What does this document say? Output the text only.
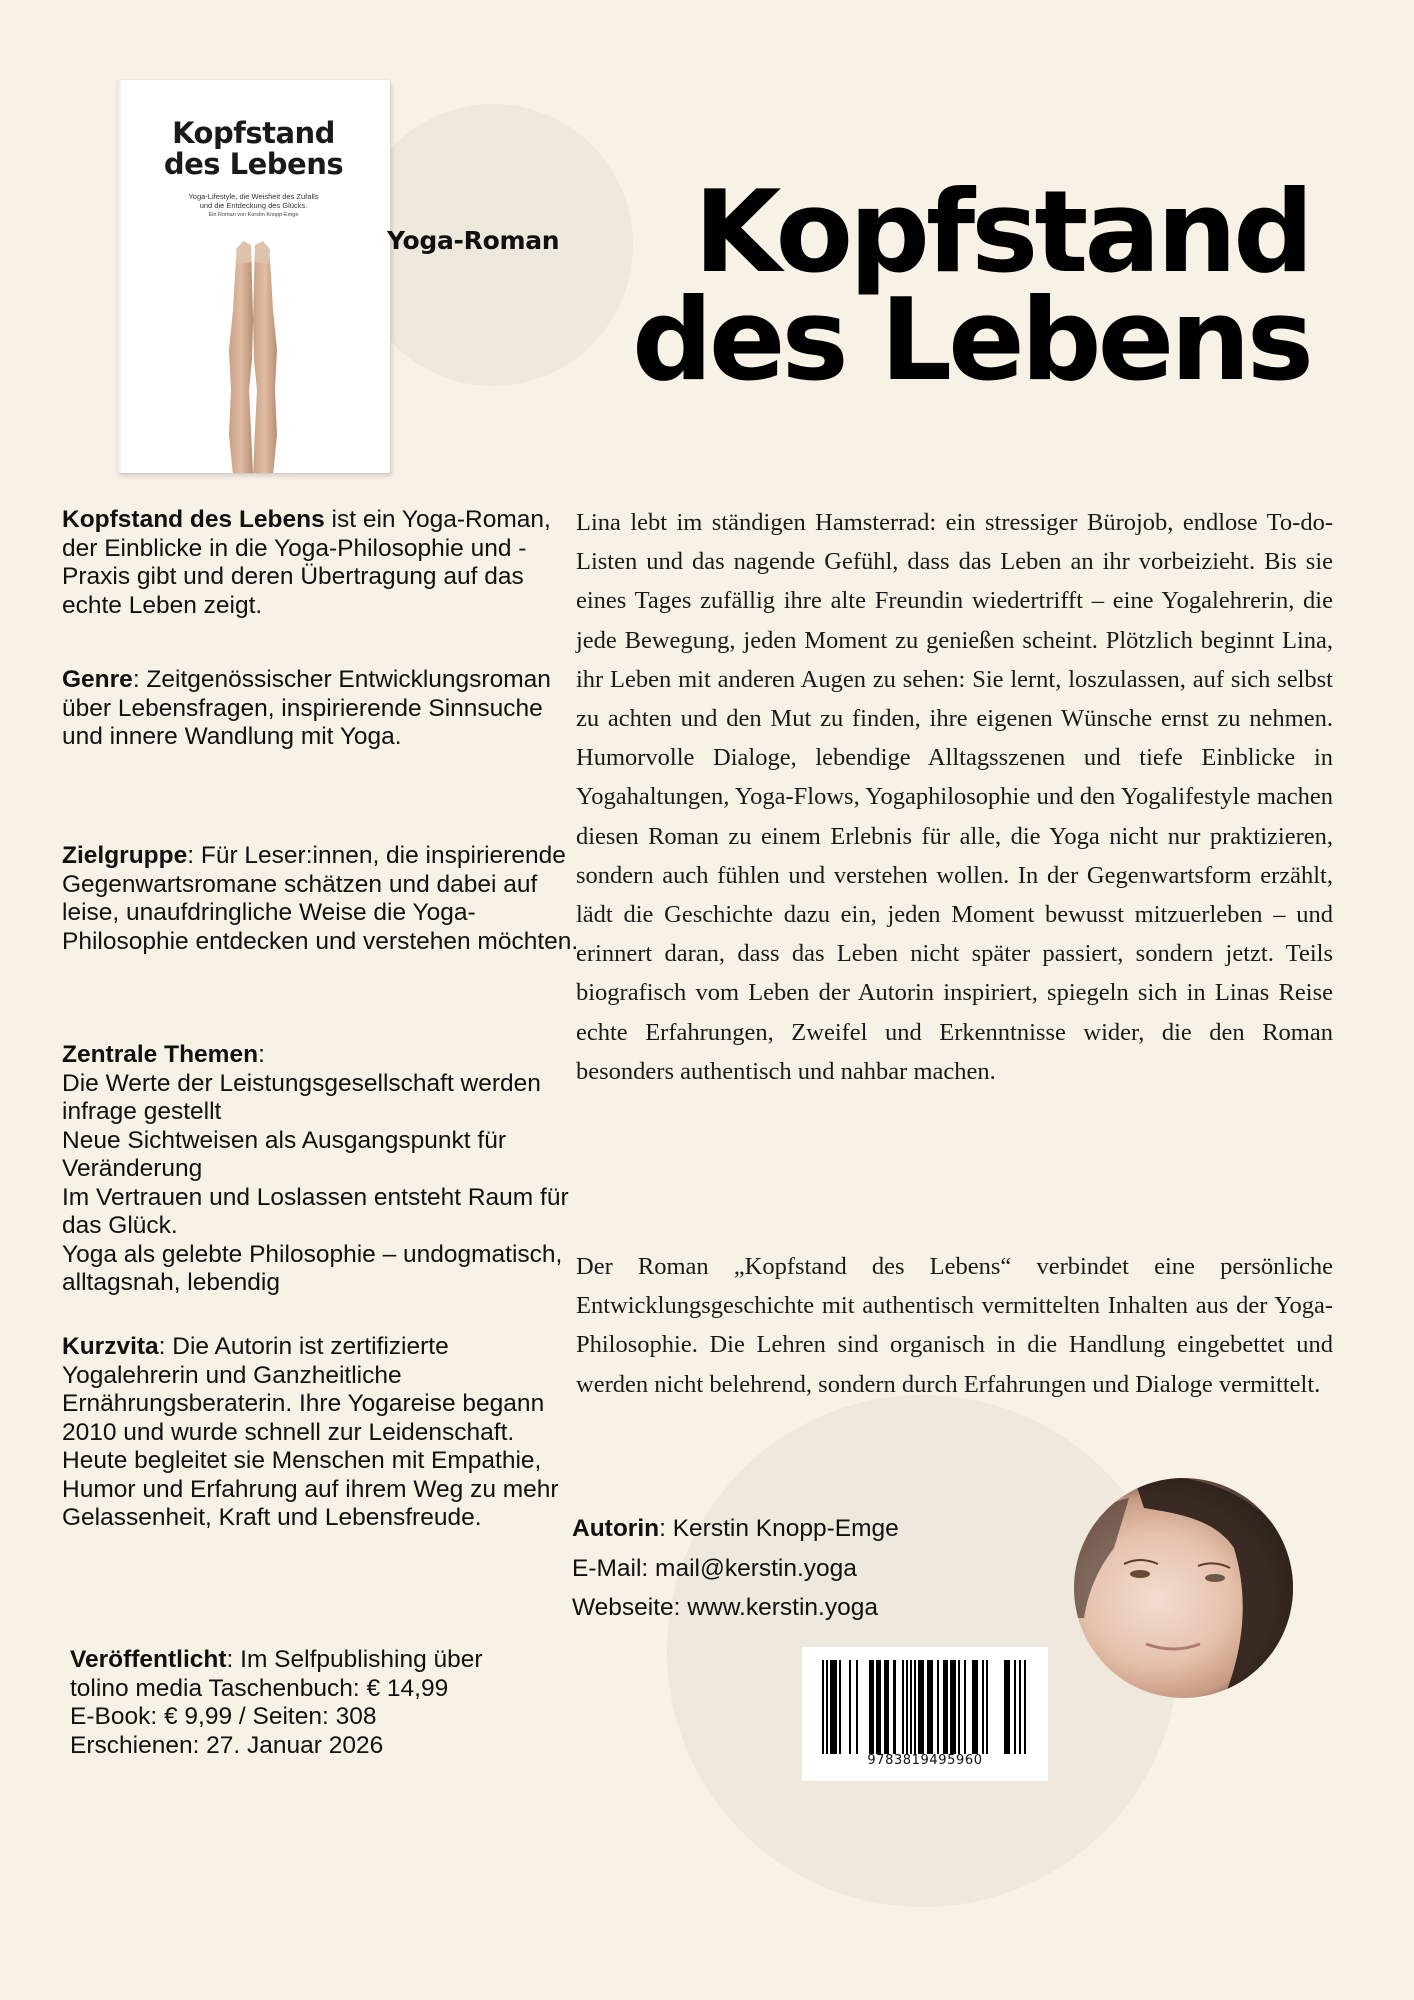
Kopfstand
des Lebens
Yoga-Lifestyle, die Weisheit des Zufalls
und die Entdeckung des Glücks.
Ein Roman von Kerstin Knopp-Emge
Yoga-Roman	Kopfstand
des Lebens

Kopfstand des Lebens ist ein Yoga-Roman, der Einblicke in die Yoga-Philosophie und -Praxis gibt und deren Übertragung auf das echte Leben zeigt.

Genre: Zeitgenössischer Entwicklungsroman über Lebensfragen, inspirierende Sinnsuche und innere Wandlung mit Yoga.

Zielgruppe: Für Leser:innen, die inspirierende Gegenwartsromane schätzen und dabei auf leise, unaufdringliche Weise die Yoga-Philosophie entdecken und verstehen möchten.

Zentrale Themen:

Die Werte der Leistungsgesellschaft werden infrage gestellt

Neue Sichtweisen als Ausgangspunkt für Veränderung

Im Vertrauen und Loslassen entsteht Raum für das Glück.

Yoga als gelebte Philosophie – undogmatisch, alltagsnah, lebendig

Kurzvita: Die Autorin ist zertifizierte Yogalehrerin und Ganzheitliche Ernährungsberaterin. Ihre Yogareise begann 2010 und wurde schnell zur Leidenschaft. Heute begleitet sie Menschen mit Empathie, Humor und Erfahrung auf ihrem Weg zu mehr Gelassenheit, Kraft und Lebensfreude.

Veröffentlicht: Im Selfpublishing über

tolino media Taschenbuch: € 14,99

E-Book: € 9,99 / Seiten: 308

Erschienen: 27. Januar 2026

Lina lebt im ständigen Hamsterrad: ein stressiger Bürojob, endlose To-do-Listen und das nagende Gefühl, dass das Leben an ihr vorbeizieht. Bis sie eines Tages zufällig ihre alte Freundin wiedertrifft – eine Yogalehrerin, die jede Bewegung, jeden Moment zu genießen scheint. Plötzlich beginnt Lina, ihr Leben mit anderen Augen zu sehen: Sie lernt, loszulassen, auf sich selbst zu achten und den Mut zu finden, ihre eigenen Wünsche ernst zu nehmen. Humorvolle Dialoge, lebendige Alltagsszenen und tiefe Einblicke in Yogahaltungen, Yoga-Flows, Yogaphilosophie und den Yogalifestyle machen diesen Roman zu einem Erlebnis für alle, die Yoga nicht nur praktizieren, sondern auch fühlen und verstehen wollen. In der Gegenwartsform erzählt, lädt die Geschichte dazu ein, jeden Moment bewusst mitzuerleben – und erinnert daran, dass das Leben nicht später passiert, sondern jetzt. Teils biografisch vom Leben der Autorin inspiriert, spiegeln sich in Linas Reise echte Erfahrungen, Zweifel und Erkenntnisse wider, die den Roman besonders authentisch und nahbar machen.

Der Roman „Kopfstand des Lebens“ verbindet eine persönliche Entwicklungsgeschichte mit authentisch vermittelten Inhalten aus der Yoga-Philosophie. Die Lehren sind organisch in die Handlung eingebettet und werden nicht belehrend, sondern durch Erfahrungen und Dialoge vermittelt.

Autorin: Kerstin Knopp-Emge
E-Mail: mail@kerstin.yoga
Webseite: www.kerstin.yoga
9783819495960
